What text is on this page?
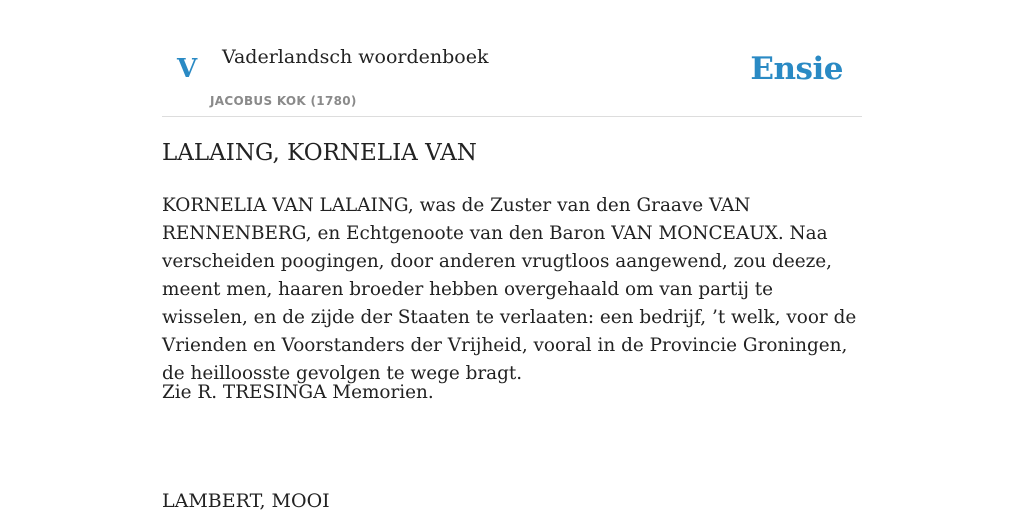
V Vaderlandsch woordenboek
JACOBUS KOK (1780)
Ensie
LALAING, KORNELIA VAN

KORNELIA VAN LALAING, was de Zuster van den Graave VAN RENNENBERG, en Echtgenoote van den Baron VAN MONCEAUX. Naa verscheiden poogingen, door anderen vrugtloos aangewend, zou deeze, meent men, haaren broeder hebben overgehaald om van partij te wisselen, en de zijde der Staaten te verlaaten: een bedrijf, ’t welk, voor de Vrienden en Voorstanders der Vrijheid, vooral in de Provincie Groningen, de heilloosste gevolgen te wege bragt.

Zie R. TRESINGA Memorien.

LAMBERT, MOOI
